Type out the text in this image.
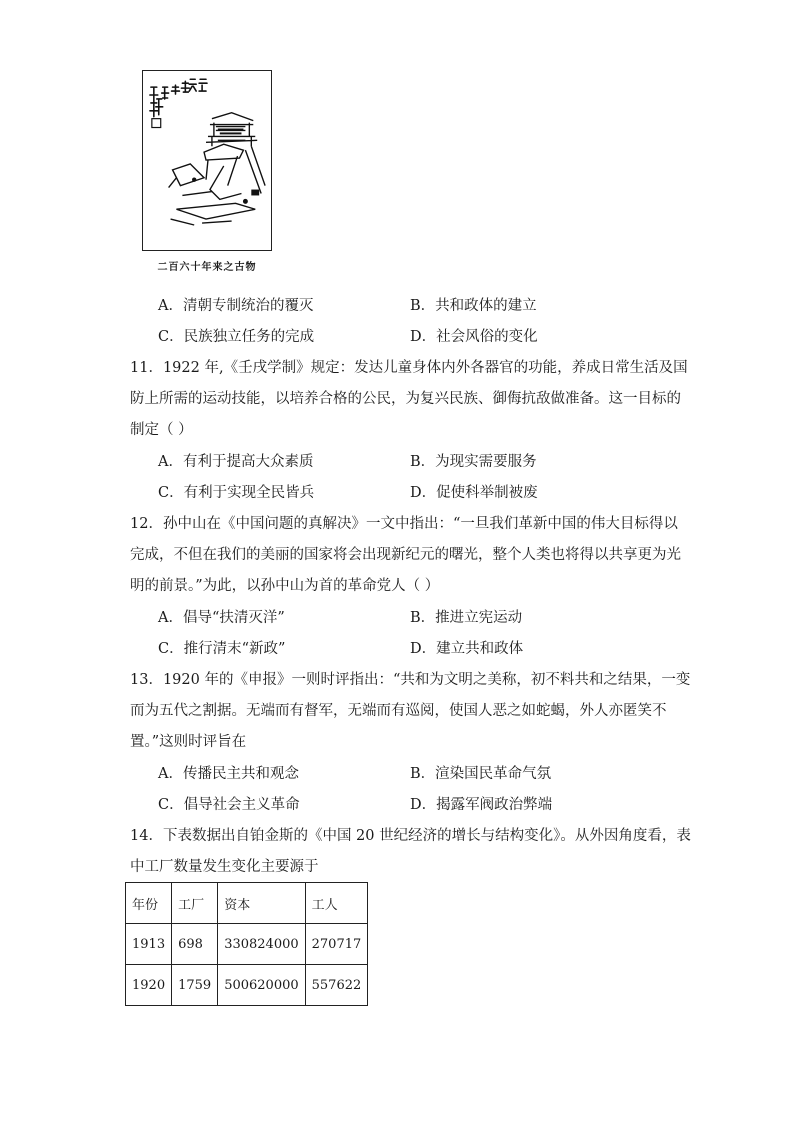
二百六十年来之古物
A．清朝专制统治的覆灭	B．共和政体的建立
C．民族独立任务的完成	D．社会风俗的变化
11．1922 年,《壬戌学制》规定：发达儿童身体内外各器官的功能，养成日常生活及国
防上所需的运动技能，以培养合格的公民，为复兴民族、御侮抗敌做准备。这一目标的
制定（ ）
A．有利于提高大众素质	B．为现实需要服务
C．有利于实现全民皆兵	D．促使科举制被废
12．孙中山在《中国问题的真解决》一文中指出：“一旦我们革新中国的伟大目标得以
完成，不但在我们的美丽的国家将会出现新纪元的曙光，整个人类也将得以共享更为光
明的前景。”为此，以孙中山为首的革命党人（ ）
A．倡导“扶清灭洋”	B．推进立宪运动
C．推行清末“新政”	D．建立共和政体
13．1920 年的《申报》一则时评指出：“共和为文明之美称，初不料共和之结果，一变
而为五代之割据。无端而有督军，无端而有巡阅，使国人恶之如蛇蝎，外人亦匿笑不
置。”这则时评旨在
A．传播民主共和观念	B．渲染国民革命气氛
C．倡导社会主义革命	D．揭露军阀政治弊端
14．下表数据出自铂金斯的《中国 20 世纪经济的增长与结构变化》。从外因角度看，表
中工厂数量发生变化主要源于
年份	工厂	资本	工人
1913	698	330824000	270717
1920	1759	500620000	557622
